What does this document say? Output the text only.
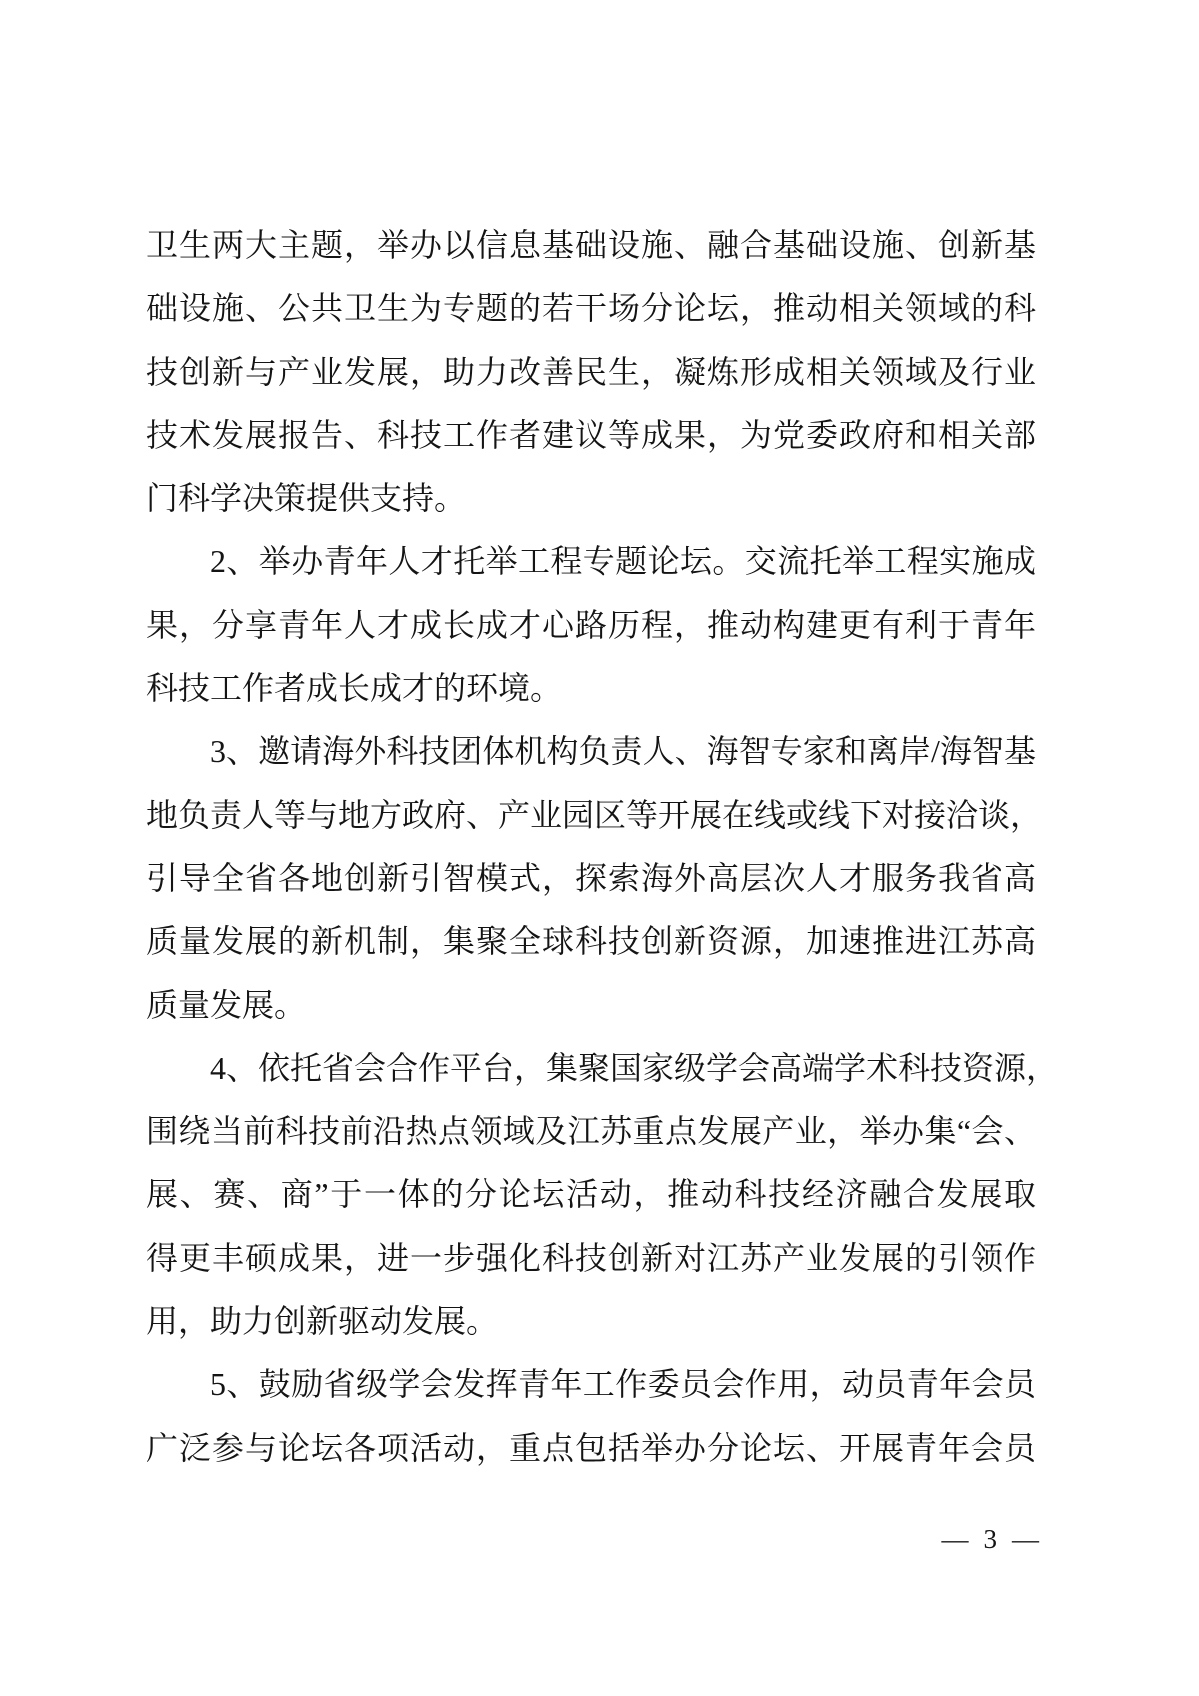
卫生两大主题，举办以信息基础设施、融合基础设施、创新基
础设施、公共卫生为专题的若干场分论坛，推动相关领域的科
技创新与产业发展，助力改善民生，凝炼形成相关领域及行业
技术发展报告、科技工作者建议等成果，为党委政府和相关部
门科学决策提供支持。
2、举办青年人才托举工程专题论坛。交流托举工程实施成
果，分享青年人才成长成才心路历程，推动构建更有利于青年
科技工作者成长成才的环境。
3、邀请海外科技团体机构负责人、海智专家和离岸/海智基
地负责人等与地方政府、产业园区等开展在线或线下对接洽谈，
引导全省各地创新引智模式，探索海外高层次人才服务我省高
质量发展的新机制，集聚全球科技创新资源，加速推进江苏高
质量发展。
4、依托省会合作平台，集聚国家级学会高端学术科技资源，
围绕当前科技前沿热点领域及江苏重点发展产业，举办集“会、
展、赛、商”于一体的分论坛活动，推动科技经济融合发展取
得更丰硕成果，进一步强化科技创新对江苏产业发展的引领作
用，助力创新驱动发展。
5、鼓励省级学会发挥青年工作委员会作用，动员青年会员
广泛参与论坛各项活动，重点包括举办分论坛、开展青年会员
— 3 —
